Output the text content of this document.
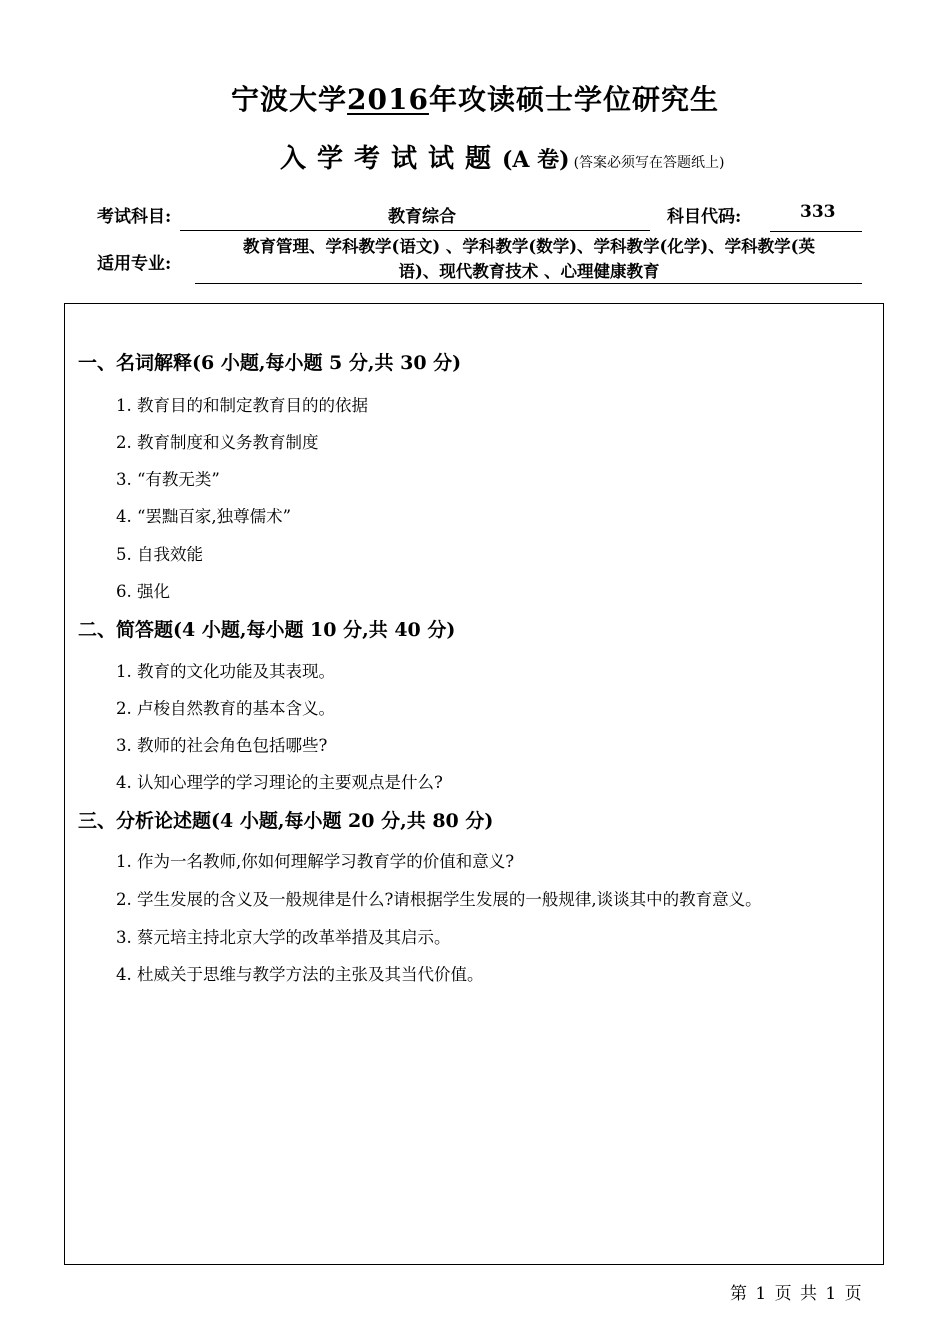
宁波大学2016年攻读硕士学位研究生
入学考试试题(A 卷) (答案必须写在答题纸上)
考试科目:	教育综合	科目代码:	333
适用专业:
教育管理、学科教学(语文) 、学科教学(数学)、学科教学(化学)、学科教学(英
语)、现代教育技术 、心理健康教育
一、名词解释(6 小题,每小题 5 分,共 30 分)
1. 教育目的和制定教育目的的依据
2. 教育制度和义务教育制度
3. “有教无类”
4. “罢黜百家,独尊儒术”
5. 自我效能
6. 强化
二、简答题(4 小题,每小题 10 分,共 40 分)
1. 教育的文化功能及其表现。
2. 卢梭自然教育的基本含义。
3. 教师的社会角色包括哪些?
4. 认知心理学的学习理论的主要观点是什么?
三、分析论述题(4 小题,每小题 20 分,共 80 分)
1. 作为一名教师,你如何理解学习教育学的价值和意义?
2. 学生发展的含义及一般规律是什么?请根据学生发展的一般规律,谈谈其中的教育意义。
3. 蔡元培主持北京大学的改革举措及其启示。
4. 杜威关于思维与教学方法的主张及其当代价值。
第 1 页 共 1 页
